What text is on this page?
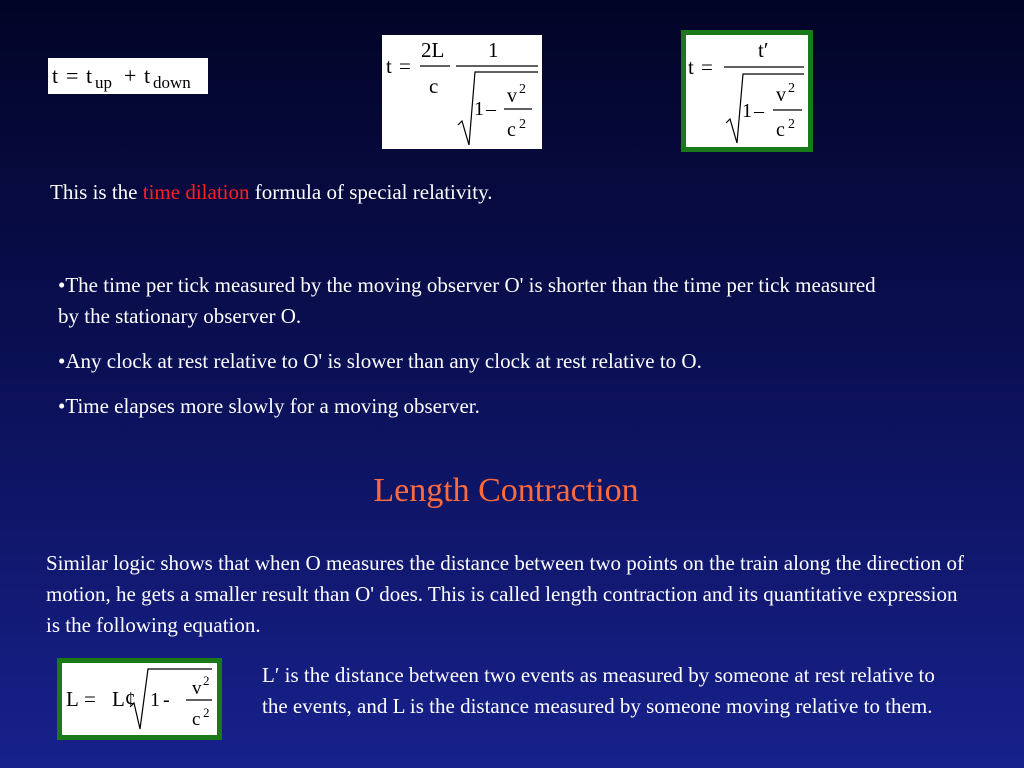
t = t up + t down
t =
2L
c
1
1 –
v 2
c 2
t =
t′
1 –
v 2
c 2

This is the time dilation formula of special relativity.

•The time per tick measured by the moving observer O' is shorter than the time per tick measured by the stationary observer O.

•Any clock at rest relative to O' is slower than any clock at rest relative to O.

•Time elapses more slowly for a moving observer.

Length Contraction

Similar logic shows that when O measures the distance between two points on the train along the direction of motion, he gets a smaller result than O' does. This is called length contraction and its quantitative expression is the following equation.

L = L¢ 1 -
v 2
c 2

L′ is the distance between two events as measured by someone at rest relative to the events, and L is the distance measured by someone moving relative to them.
